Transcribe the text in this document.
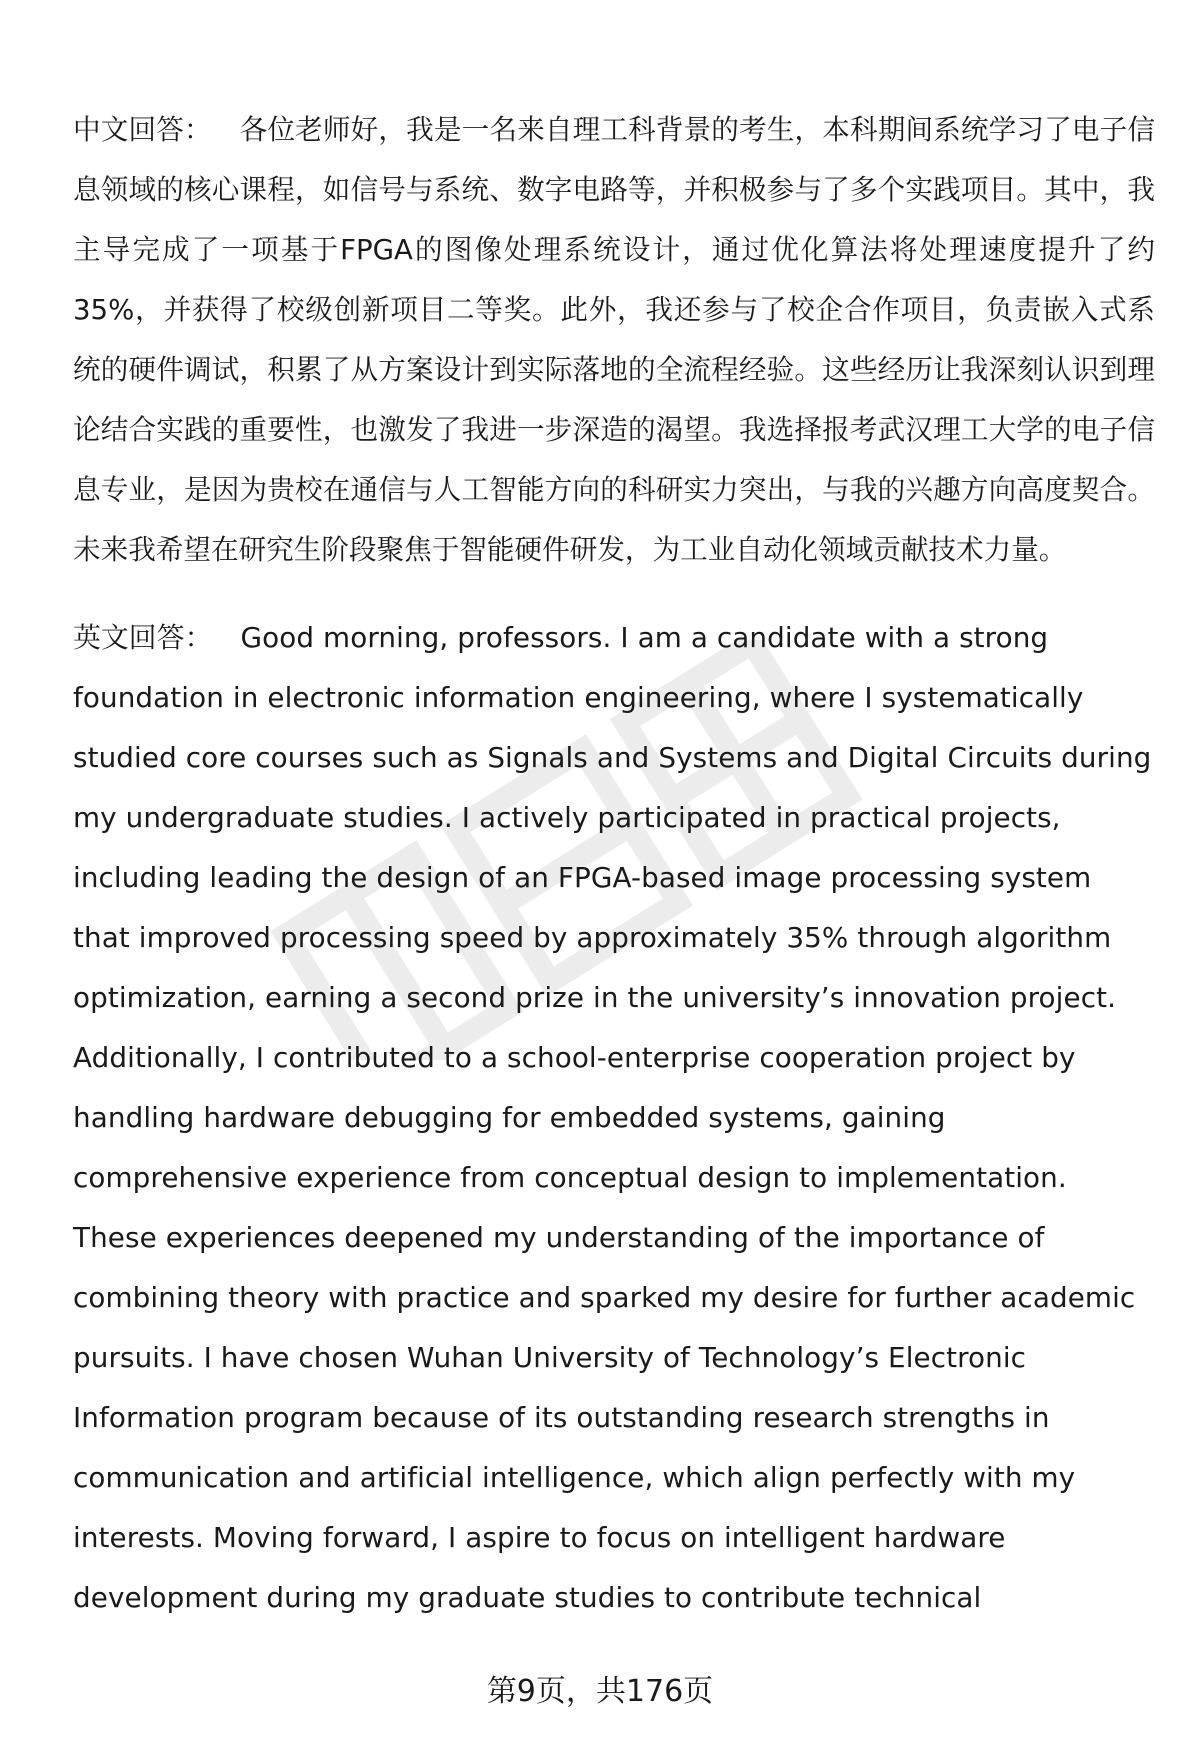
中文回答： 各位老师好，我是一名来自理工科背景的考生，本科期间系统学习了电子信息领域的核心课程，如信号与系统、数字电路等，并积极参与了多个实践项目。其中，我主导完成了一项基于FPGA的图像处理系统设计，通过优化算法将处理速度提升了约35%，并获得了校级创新项目二等奖。此外，我还参与了校企合作项目，负责嵌入式系统的硬件调试，积累了从方案设计到实际落地的全流程经验。这些经历让我深刻认识到理论结合实践的重要性，也激发了我进一步深造的渴望。我选择报考武汉理工大学的电子信息专业，是因为贵校在通信与人工智能方向的科研实力突出，与我的兴趣方向高度契合。未来我希望在研究生阶段聚焦于智能硬件研发，为工业自动化领域贡献技术力量。

英文回答： Good morning, professors. I am a candidate with a strong foundation in electronic information engineering, where I systematically studied core courses such as Signals and Systems and Digital Circuits during my undergraduate studies. I actively participated in practical projects, including leading the design of an FPGA-based image processing system that improved processing speed by approximately 35% through algorithm optimization, earning a second prize in the university’s innovation project. Additionally, I contributed to a school-enterprise cooperation project by handling hardware debugging for embedded systems, gaining comprehensive experience from conceptual design to implementation. These experiences deepened my understanding of the importance of combining theory with practice and sparked my desire for further academic pursuits. I have chosen Wuhan University of Technology’s Electronic Information program because of its outstanding research strengths in communication and artificial intelligence, which align perfectly with my interests. Moving forward, I aspire to focus on intelligent hardware development during my graduate studies to contribute technical

第9页，共176页
